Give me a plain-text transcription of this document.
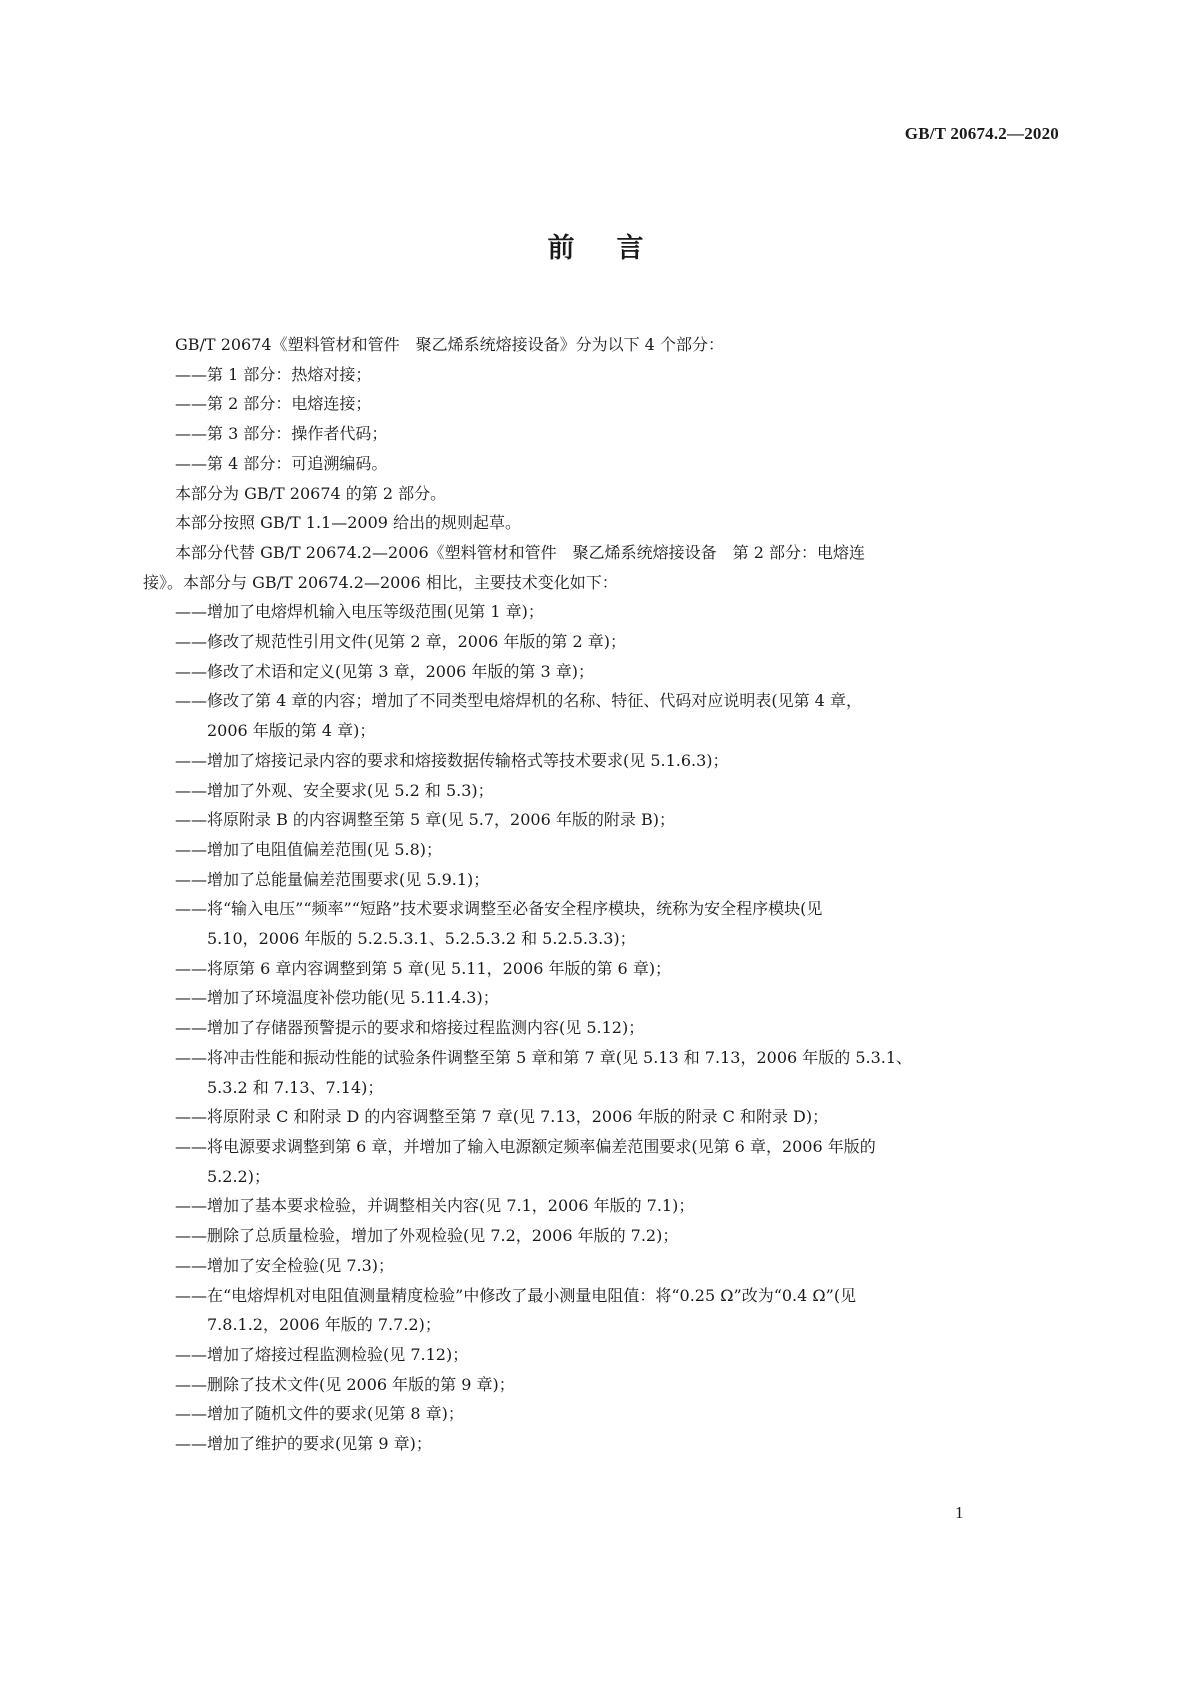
GB/T 20674.2—2020
前言

GB/T 20674《塑料管材和管件　聚乙烯系统熔接设备》分为以下 4 个部分：

——第 1 部分：热熔对接；

——第 2 部分：电熔连接；

——第 3 部分：操作者代码；

——第 4 部分：可追溯编码。

本部分为 GB/T 20674 的第 2 部分。

本部分按照 GB/T 1.1—2009 给出的规则起草。

本部分代替 GB/T 20674.2—2006《塑料管材和管件　聚乙烯系统熔接设备　第 2 部分：电熔连

接》。本部分与 GB/T 20674.2—2006 相比，主要技术变化如下：

——增加了电熔焊机输入电压等级范围(见第 1 章)；
——修改了规范性引用文件(见第 2 章，2006 年版的第 2 章)；
——修改了术语和定义(见第 3 章，2006 年版的第 3 章)；
——修改了第 4 章的内容；增加了不同类型电熔焊机的名称、特征、代码对应说明表(见第 4 章，
2006 年版的第 4 章)；
——增加了熔接记录内容的要求和熔接数据传输格式等技术要求(见 5.1.6.3)；
——增加了外观、安全要求(见 5.2 和 5.3)；
——将原附录 B 的内容调整至第 5 章(见 5.7，2006 年版的附录 B)；
——增加了电阻值偏差范围(见 5.8)；
——增加了总能量偏差范围要求(见 5.9.1)；
——将“输入电压”“频率”“短路”技术要求调整至必备安全程序模块，统称为安全程序模块(见
5.10，2006 年版的 5.2.5.3.1、5.2.5.3.2 和 5.2.5.3.3)；
——将原第 6 章内容调整到第 5 章(见 5.11，2006 年版的第 6 章)；
——增加了环境温度补偿功能(见 5.11.4.3)；
——增加了存储器预警提示的要求和熔接过程监测内容(见 5.12)；
——将冲击性能和振动性能的试验条件调整至第 5 章和第 7 章(见 5.13 和 7.13，2006 年版的 5.3.1、
5.3.2 和 7.13、7.14)；
——将原附录 C 和附录 D 的内容调整至第 7 章(见 7.13，2006 年版的附录 C 和附录 D)；
——将电源要求调整到第 6 章，并增加了输入电源额定频率偏差范围要求(见第 6 章，2006 年版的
5.2.2)；
——增加了基本要求检验，并调整相关内容(见 7.1，2006 年版的 7.1)；
——删除了总质量检验，增加了外观检验(见 7.2，2006 年版的 7.2)；
——增加了安全检验(见 7.3)；
——在“电熔焊机对电阻值测量精度检验”中修改了最小测量电阻值：将“0.25 Ω”改为“0.4 Ω”(见
7.8.1.2，2006 年版的 7.7.2)；
——增加了熔接过程监测检验(见 7.12)；
——删除了技术文件(见 2006 年版的第 9 章)；
——增加了随机文件的要求(见第 8 章)；
——增加了维护的要求(见第 9 章)；
1
